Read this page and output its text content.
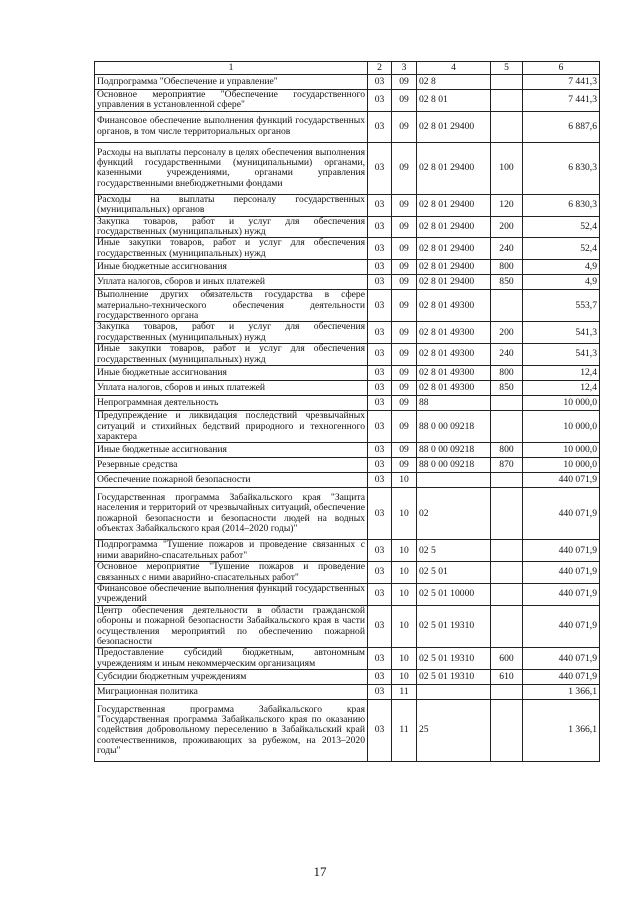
1	2	3	4	5	6
Подпрограмма "Обеспечение и управление"	03	09	02 8		7 441,3
Основное мероприятие "Обеспечение государственного управления в установленной сфере"	03	09	02 8 01		7 441,3
Финансовое обеспечение выполнения функций государственных органов, в том числе территориальных органов	03	09	02 8 01 29400		6 887,6
Расходы на выплаты персоналу в целях обеспечения выполнения функций государственными (муниципальными) органами, казенными учреждениями, органами управления государственными внебюджетными фондами	03	09	02 8 01 29400	100	6 830,3
Расходы на выплаты персоналу государственных (муниципальных) органов	03	09	02 8 01 29400	120	6 830,3
Закупка товаров, работ и услуг для обеспечения государственных (муниципальных) нужд	03	09	02 8 01 29400	200	52,4
Иные закупки товаров, работ и услуг для обеспечения государственных (муниципальных) нужд	03	09	02 8 01 29400	240	52,4
Иные бюджетные ассигнования	03	09	02 8 01 29400	800	4,9
Уплата налогов, сборов и иных платежей	03	09	02 8 01 29400	850	4,9
Выполнение других обязательств государства в сфере материально-технического обеспечения деятельности государственного органа	03	09	02 8 01 49300		553,7
Закупка товаров, работ и услуг для обеспечения государственных (муниципальных) нужд	03	09	02 8 01 49300	200	541,3
Иные закупки товаров, работ и услуг для обеспечения государственных (муниципальных) нужд	03	09	02 8 01 49300	240	541,3
Иные бюджетные ассигнования	03	09	02 8 01 49300	800	12,4
Уплата налогов, сборов и иных платежей	03	09	02 8 01 49300	850	12,4
Непрограммная деятельность	03	09	88		10 000,0
Предупреждение и ликвидация последствий чрезвычайных ситуаций и стихийных бедствий природного и техногенного характера	03	09	88 0 00 09218		10 000,0
Иные бюджетные ассигнования	03	09	88 0 00 09218	800	10 000,0
Резервные средства	03	09	88 0 00 09218	870	10 000,0
Обеспечение пожарной безопасности	03	10			440 071,9
Государственная программа Забайкальского края "Защита населения и территорий от чрезвычайных ситуаций, обеспечение пожарной безопасности и безопасности людей на водных объектах Забайкальского края (2014–2020 годы)"	03	10	02		440 071,9
Подпрограмма "Тушение пожаров и проведение связанных с ними аварийно-спасательных работ"	03	10	02 5		440 071,9
Основное мероприятие "Тушение пожаров и проведение связанных с ними аварийно-спасательных работ"	03	10	02 5 01		440 071,9
Финансовое обеспечение выполнения функций государственных учреждений	03	10	02 5 01 10000		440 071,9
Центр обеспечения деятельности в области гражданской обороны и пожарной безопасности Забайкальского края в части осуществления мероприятий по обеспечению пожарной безопасности	03	10	02 5 01 19310		440 071,9
Предоставление субсидий бюджетным, автономным учреждениям и иным некоммерческим организациям	03	10	02 5 01 19310	600	440 071,9
Субсидии бюджетным учреждениям	03	10	02 5 01 19310	610	440 071,9
Миграционная политика	03	11			1 366,1
Государственная программа Забайкальского края "Государственная программа Забайкальского края по оказанию содействия добровольному переселению в Забайкальский край соотечественников, проживающих за рубежом, на 2013–2020 годы"	03	11	25		1 366,1
17
